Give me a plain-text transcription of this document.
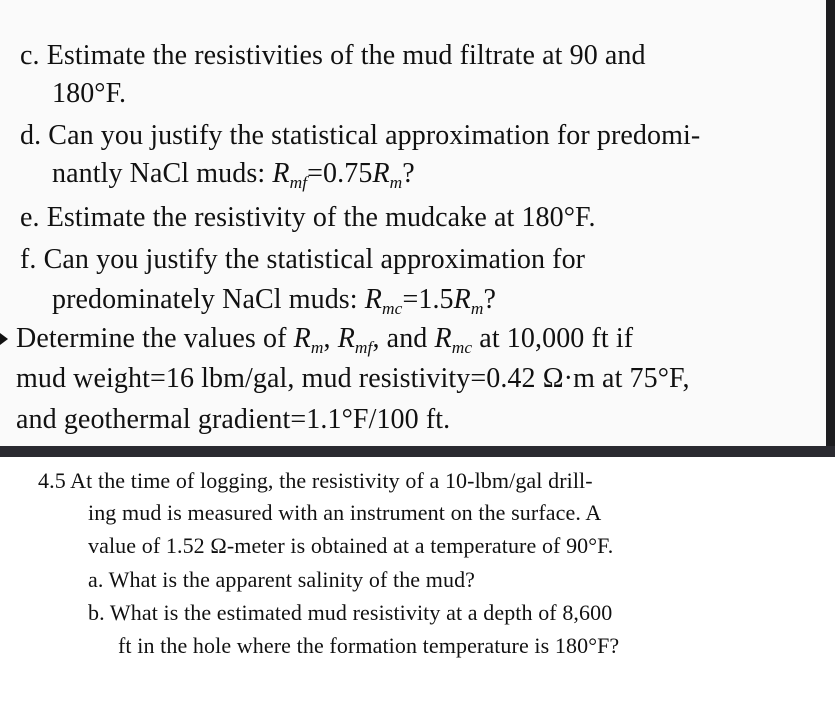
c. Estimate the resistivities of the mud filtrate at 90 and
180°F.
d. Can you justify the statistical approximation for predomi-
nantly NaCl muds: $R_{mf}=0.75R_m$?
e. Estimate the resistivity of the mudcake at 180°F.
f. Can you justify the statistical approximation for
predominately NaCl muds: $R_{mc}=1.5R_m$?
Determine the values of $R_m$, $R_{mf}$, and $R_{mc}$ at 10,000 ft if
mud weight=16 lbm/gal, mud resistivity=0.42 Ω·m at 75°F,
and geothermal gradient=1.1°F/100 ft.
4.5 At the time of logging, the resistivity of a 10-lbm/gal drill-
ing mud is measured with an instrument on the surface. A
value of 1.52 Ω-meter is obtained at a temperature of 90°F.
a. What is the apparent salinity of the mud?
b. What is the estimated mud resistivity at a depth of 8,600
ft in the hole where the formation temperature is 180°F?
